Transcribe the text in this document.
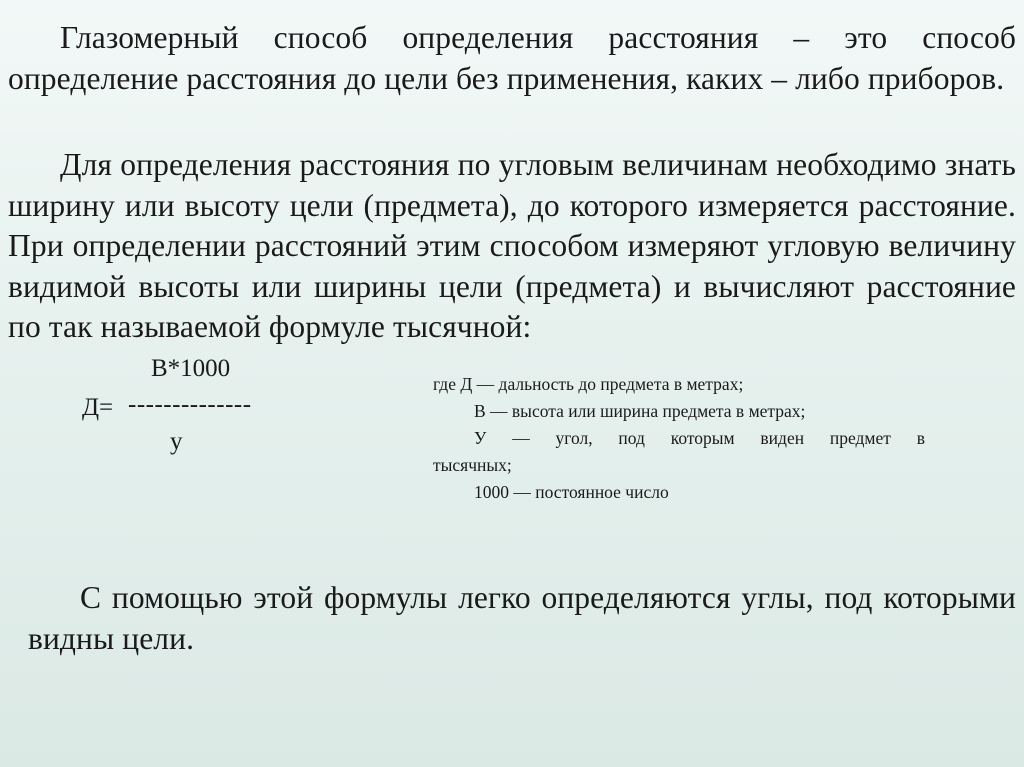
Глазомерный способ определения расстояния – это способ определение расстояния до цели без применения, каких – либо приборов.

Для определения расстояния по угловым величинам необходимо знать ширину или высоту цели (предмета), до которого измеряется расстояние. При определении расстояний этим способом измеряют угловую величину видимой высоты или ширины цели (предмета) и вычисляют расстояние по так называемой формуле тысячной:

В*1000
Д= --------------
у
где Д — дальность до предмета в метрах;
В — высота или ширина предмета в метрах;
У — угол, под которым виден предмет в
тысячных;
1000 — постоянное число

С помощью этой формулы легко определяются углы, под которыми видны цели.
